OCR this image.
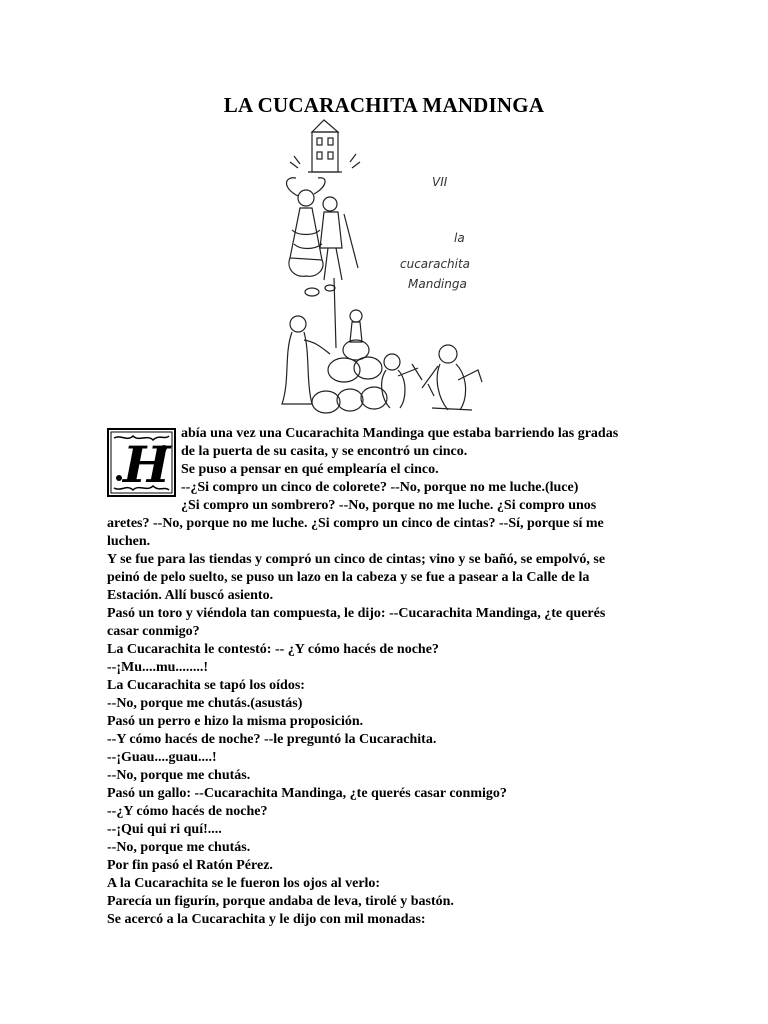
LA CUCARACHITA MANDINGA
VII
la
cucarachita
Mandinga
H
abía una vez una Cucarachita Mandinga que estaba barriendo las gradas
de la puerta de su casita, y se encontró un cinco.
Se puso a pensar en qué emplearía el cinco.
--¿Si compro un cinco de colorete? --No, porque no me luche.(luce)
¿Si compro un sombrero? --No, porque no me luche. ¿Si compro unos
aretes? --No, porque no me luche. ¿Si compro un cinco de cintas? --Sí, porque sí me
luchen.
Y se fue para las tiendas y compró un cinco de cintas; vino y se bañó, se empolvó, se
peinó de pelo suelto, se puso un lazo en la cabeza y se fue a pasear a la Calle de la
Estación. Allí buscó asiento.
Pasó un toro y viéndola tan compuesta, le dijo: --Cucarachita Mandinga, ¿te querés
casar conmigo?
La Cucarachita le contestó: -- ¿Y cómo hacés de noche?
--¡Mu....mu........!
La Cucarachita se tapó los oídos:
--No, porque me chutás.(asustás)
Pasó un perro e hizo la misma proposición.
--Y cómo hacés de noche? --le preguntó la Cucarachita.
--¡Guau....guau....!
--No, porque me chutás.
Pasó un gallo: --Cucarachita Mandinga, ¿te querés casar conmigo?
--¿Y cómo hacés de noche?
--¡Qui qui ri quí!....
--No, porque me chutás.
Por fin pasó el Ratón Pérez.
A la Cucarachita se le fueron los ojos al verlo:
Parecía un figurín, porque andaba de leva, tirolé y bastón.
Se acercó a la Cucarachita y le dijo con mil monadas:
